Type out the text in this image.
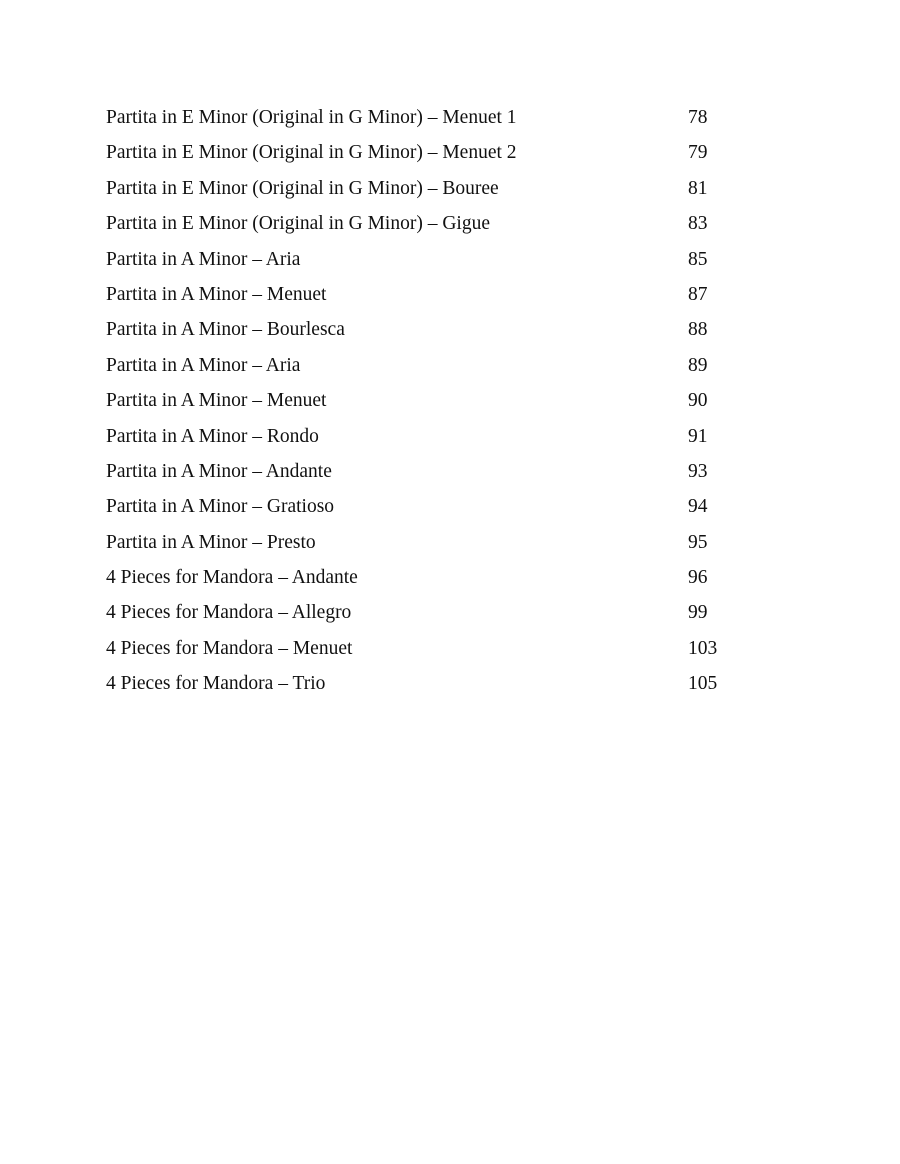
Partita in E Minor (Original in G Minor) – Menuet 1	78
Partita in E Minor (Original in G Minor) – Menuet 2	79
Partita in E Minor (Original in G Minor) – Bouree	81
Partita in E Minor (Original in G Minor) – Gigue	83
Partita in A Minor – Aria	85
Partita in A Minor – Menuet	87
Partita in A Minor – Bourlesca	88
Partita in A Minor – Aria	89
Partita in A Minor – Menuet	90
Partita in A Minor – Rondo	91
Partita in A Minor – Andante	93
Partita in A Minor – Gratioso	94
Partita in A Minor – Presto	95
4 Pieces for Mandora – Andante	96
4 Pieces for Mandora – Allegro	99
4 Pieces for Mandora – Menuet	103
4 Pieces for Mandora – Trio	105
